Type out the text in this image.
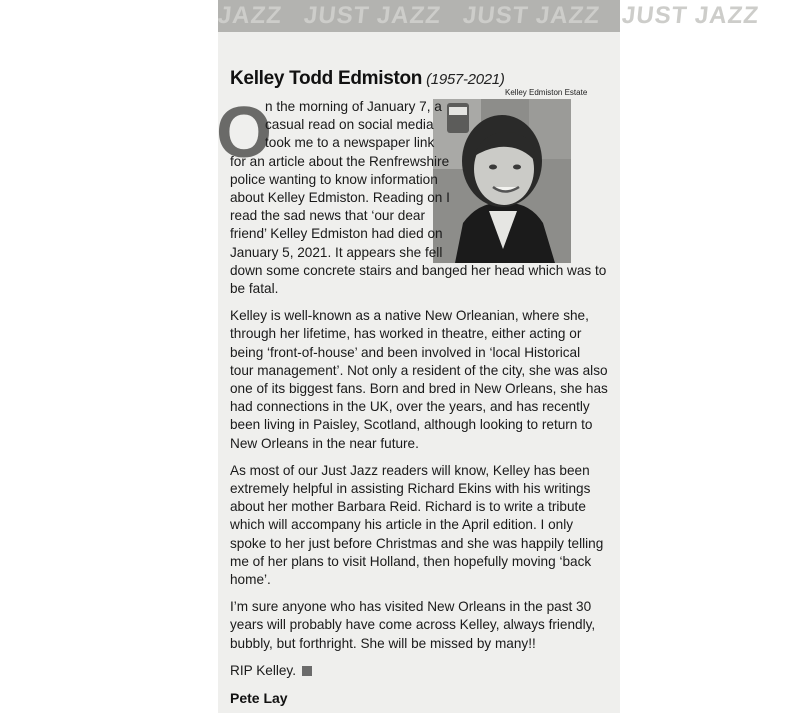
JAZZ JUST JAZZ JUST JAZZ JUST JAZZ
Kelley Todd Edmiston (1957-2021)
Kelley Edmiston Estate
O
n the morning of January 7, a
casual read on social media
took me to a newspaper link
for an article about the Renfrewshire
police wanting to know information
about Kelley Edmiston. Reading on I
read the sad news that ‘our dear
friend’ Kelley Edmiston had died on
January 5, 2021. It appears she fell
down some concrete stairs and banged her head which was to
be fatal.
Kelley is well-known as a native New Orleanian, where she,
through her lifetime, has worked in theatre, either acting or
being ‘front-of-house’ and been involved in ‘local Historical
tour management’. Not only a resident of the city, she was also
one of its biggest fans. Born and bred in New Orleans, she has
had connections in the UK, over the years, and has recently
been living in Paisley, Scotland, although looking to return to
New Orleans in the near future.
As most of our Just Jazz readers will know, Kelley has been
extremely helpful in assisting Richard Ekins with his writings
about her mother Barbara Reid. Richard is to write a tribute
which will accompany his article in the April edition. I only
spoke to her just before Christmas and she was happily telling
me of her plans to visit Holland, then hopefully moving ‘back
home’.
I’m sure anyone who has visited New Orleans in the past 30
years will probably have come across Kelley, always friendly,
bubbly, but forthright. She will be missed by many!!
RIP Kelley.
Pete Lay
